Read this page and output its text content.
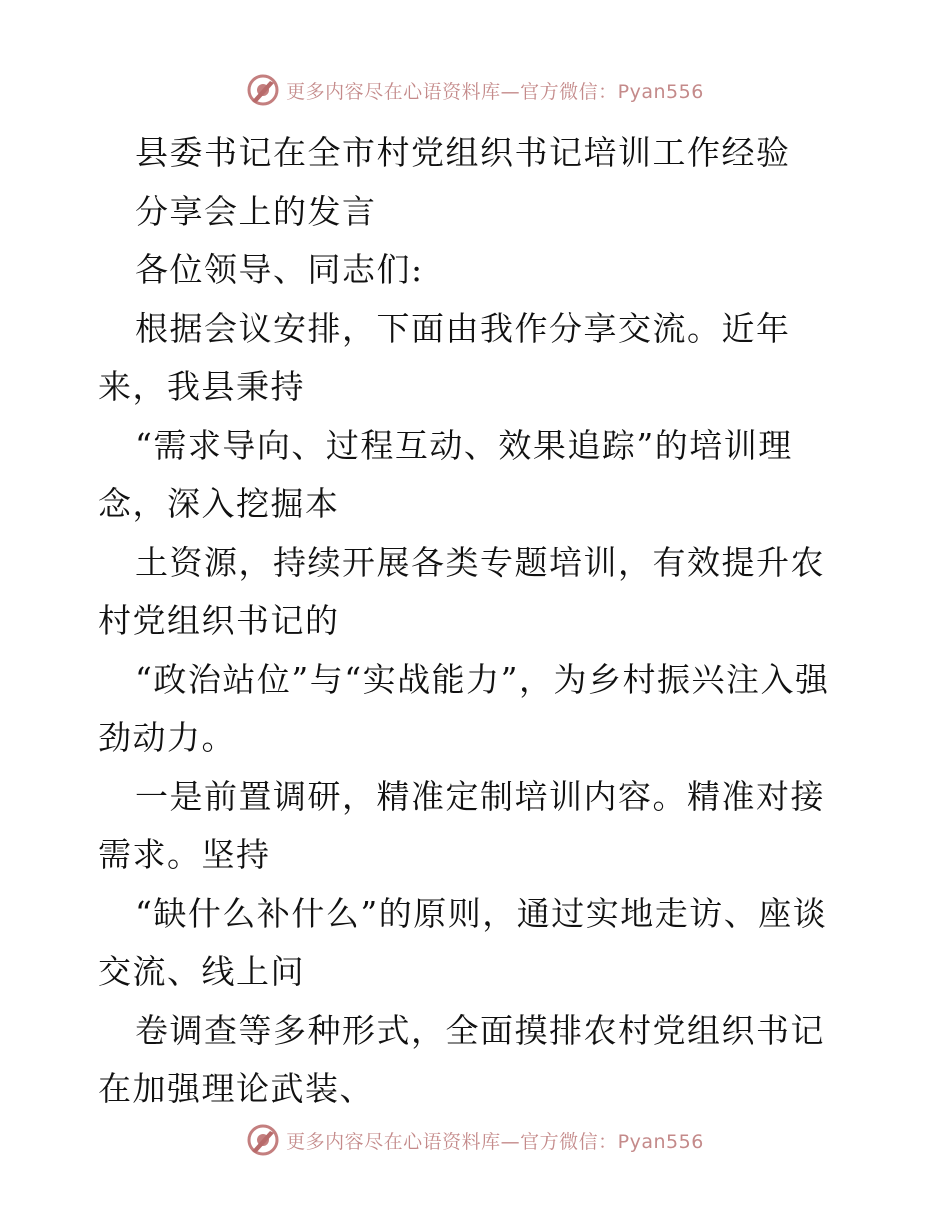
更多内容尽在心语资料库—官方微信：Pyan556

县委书记在全市村党组织书记培训工作经验

分享会上的发言

各位领导、同志们:

根据会议安排，下面由我作分享交流。近年来，我县秉持

“需求导向、过程互动、效果追踪”的培训理念，深入挖掘本

土资源，持续开展各类专题培训，有效提升农村党组织书记的

“政治站位”与“实战能力”，为乡村振兴注入强劲动力。

一是前置调研，精准定制培训内容。精准对接需求。坚持

“缺什么补什么”的原则，通过实地走访、座谈交流、线上问

卷调查等多种形式，全面摸排农村党组织书记在加强理论武装、

更多内容尽在心语资料库—官方微信：Pyan556
